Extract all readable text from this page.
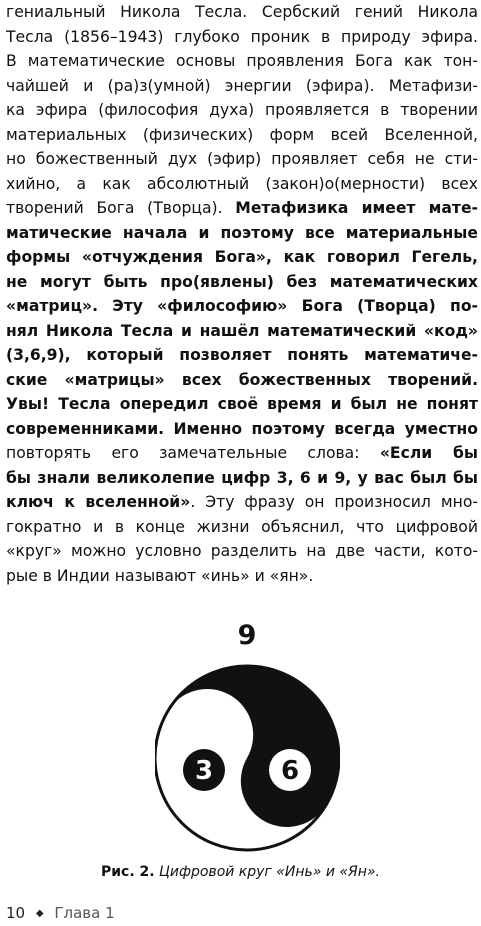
гениальный Никола Тесла. Сербский гений Никола
Тесла (1856–1943) глубоко проник в природу эфира.
В математические основы проявления Бога как тон-
чайшей и (ра)з(умной) энергии (эфира). Метафизи-
ка эфира (философия духа) проявляется в творении
материальных (физических) форм всей Вселенной,
но божественный дух (эфир) проявляет себя не сти-
хийно, а как абсолютный (закон)о(мерности) всех
творений Бога (Творца). Метафизика имеет мате-
матические начала и поэтому все материальные
формы «отчуждения Бога», как говорил Гегель,
не могут быть про(явлены) без математических
«матриц». Эту «философию» Бога (Творца) по-
нял Никола Тесла и нашёл математический «код»
(3,6,9), который позволяет понять математиче-
ские «матрицы» всех божественных творений.
Увы! Тесла опередил своё время и был не понят
современниками. Именно поэтому всегда уместно
повторять его замечательные слова: «Если бы
бы знали великолепие цифр 3, 6 и 9, у вас был бы
ключ к вселенной». Эту фразу он произносил мно-
гократно и в конце жизни объяснил, что цифровой
«круг» можно условно разделить на две части, кото-
рые в Индии называют «инь» и «ян».
9
3	6
Рис. 2. Цифровой круг «Инь» и «Ян».
10 ◆ Глава 1
